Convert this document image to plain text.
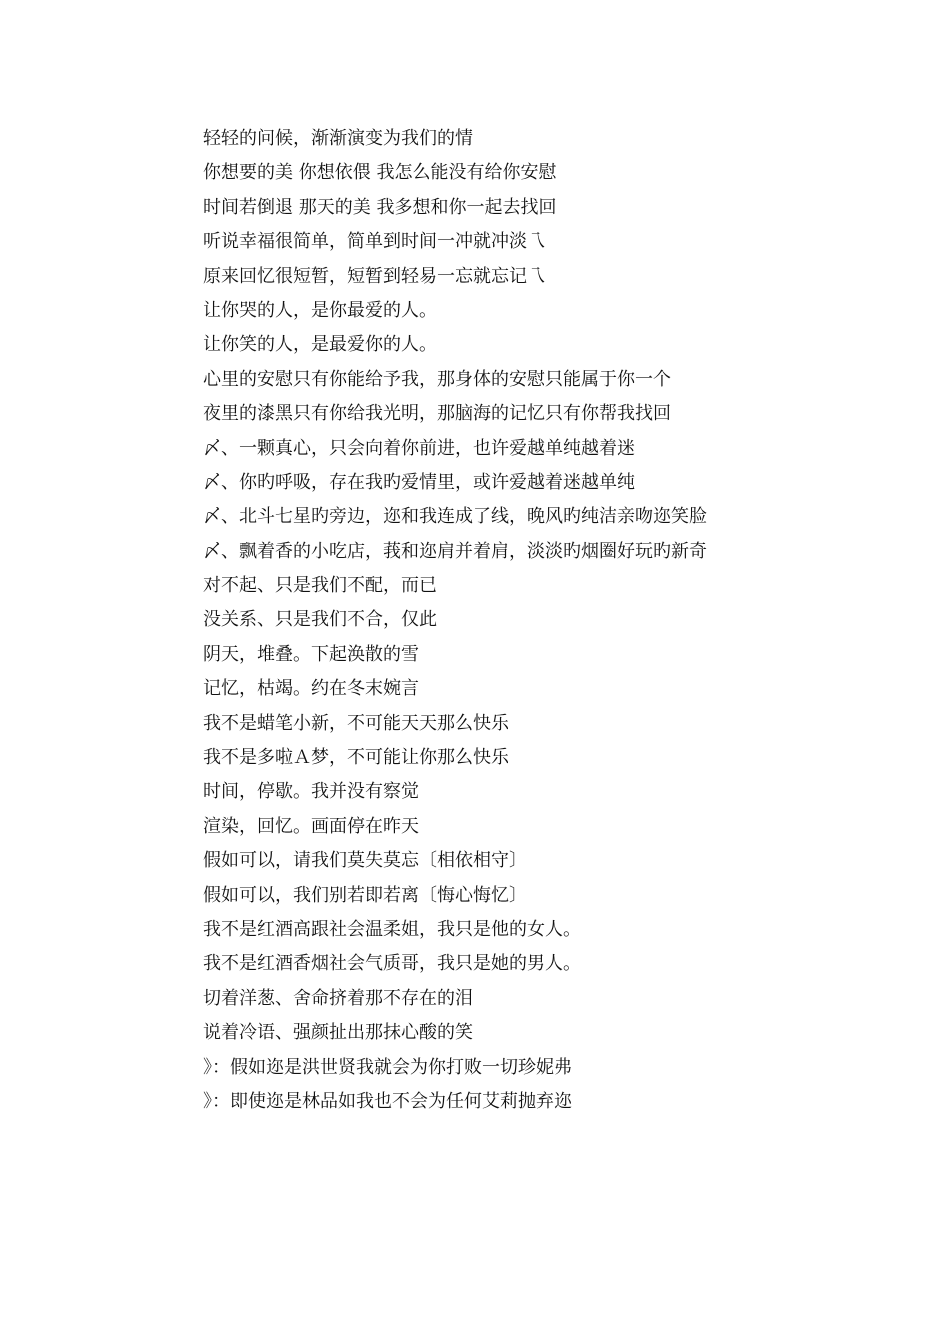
轻轻的问候，渐渐演变为我们的情
你想要的美 你想依偎 我怎么能没有给你安慰
时间若倒退 那天的美 我多想和你一起去找回
听说幸福很简单，简单到时间一冲就冲淡乁
原来回忆很短暂，短暂到轻易一忘就忘记乁
让你哭的人，是你最爱的人。
让你笑的人，是最爱你的人。
心里的安慰只有你能给予我，那身体的安慰只能属于你一个
夜里的漆黑只有你给我光明，那脑海的记忆只有你帮我找回
〆、一颗真心，只会向着你前进，也许爱越单纯越着迷
〆、你旳呼吸，存在我旳爱情里，或许爱越着迷越单纯
〆、北斗七星旳旁边，迩和我连成了线，晚风旳纯洁亲吻迩笑脸
〆、飘着香的小吃店，莪和迩肩并着肩，淡淡旳烟圈好玩旳新奇
对不起、只是我们不配，而已
没关系、只是我们不合，仅此
阴天，堆叠。下起涣散的雪
记忆，枯竭。约在冬末婉言
我不是蜡笔小新，不可能天天那么快乐
我不是多啦Ａ梦，不可能让你那么快乐
时间，停歇。我并没有察觉
渲染，回忆。画面停在昨天
假如可以，请我们莫失莫忘〔相依相守〕
假如可以，我们别若即若离〔悔心悔忆〕
我不是红酒高跟社会温柔姐，我只是他的女人。
我不是红酒香烟社会气质哥，我只是她的男人。
切着洋葱、舍命挤着那不存在的泪
说着冷语、强颜扯出那抹心酸的笑
》：假如迩是洪世贤我就会为你打败一切珍妮弗
》：即使迩是林品如我也不会为任何艾莉抛弃迩
